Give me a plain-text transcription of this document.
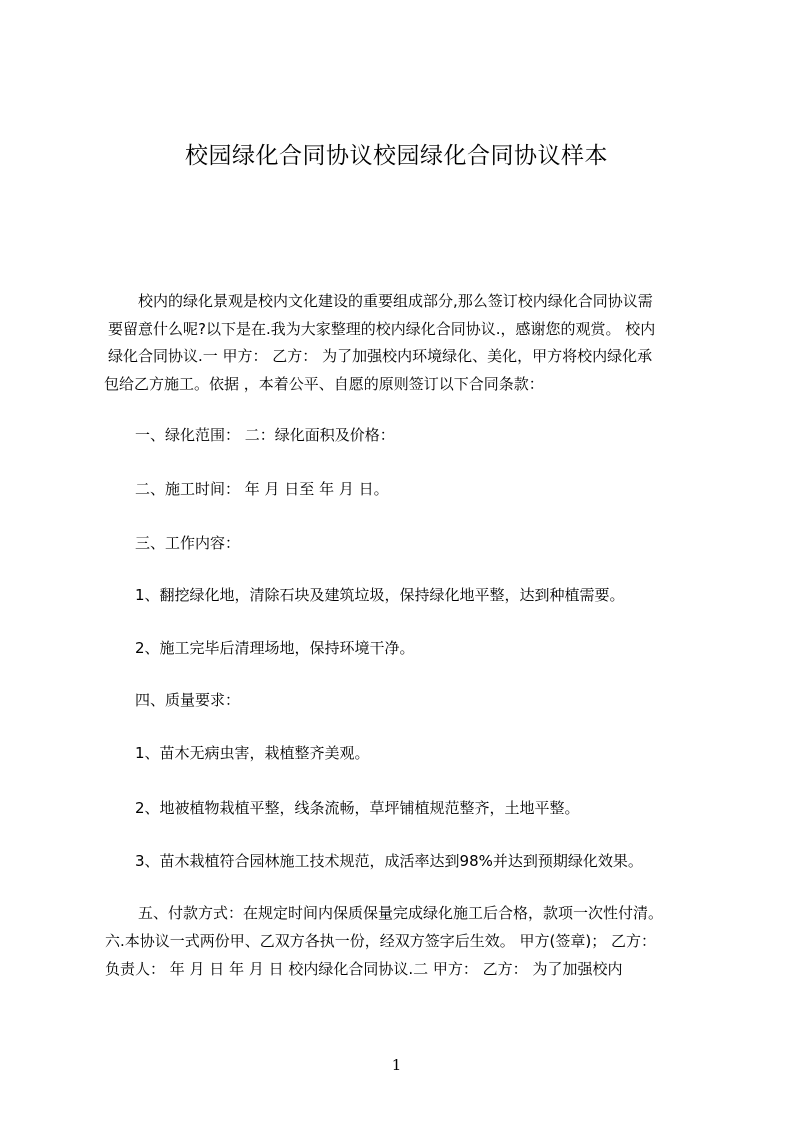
校园绿化合同协议校园绿化合同协议样本
校内的绿化景观是校内文化建设的重要组成部分,那么签订校内绿化合同协议需
要留意什么呢?以下是在.我为大家整理的校内绿化合同协议.，感谢您的观赏。 校内
绿化合同协议.一 甲方： 乙方： 为了加强校内环境绿化、美化，甲方将校内绿化承
包给乙方施工。依据 ，本着公平、自愿的原则签订以下合同条款：
一、绿化范围： 二：绿化面积及价格：
二、施工时间： 年 月 日至 年 月 日。
三、工作内容：
1、翻挖绿化地，清除石块及建筑垃圾，保持绿化地平整，达到种植需要。
2、施工完毕后清理场地，保持环境干净。
四、质量要求：
1、苗木无病虫害，栽植整齐美观。
2、地被植物栽植平整，线条流畅，草坪铺植规范整齐，土地平整。
3、苗木栽植符合园林施工技术规范，成活率达到98%并达到预期绿化效果。
五、付款方式：在规定时间内保质保量完成绿化施工后合格，款项一次性付清。
六.本协议一式两份甲、乙双方各执一份，经双方签字后生效。 甲方(签章)； 乙方：
负责人： 年 月 日 年 月 日 校内绿化合同协议.二 甲方： 乙方： 为了加强校内
1
